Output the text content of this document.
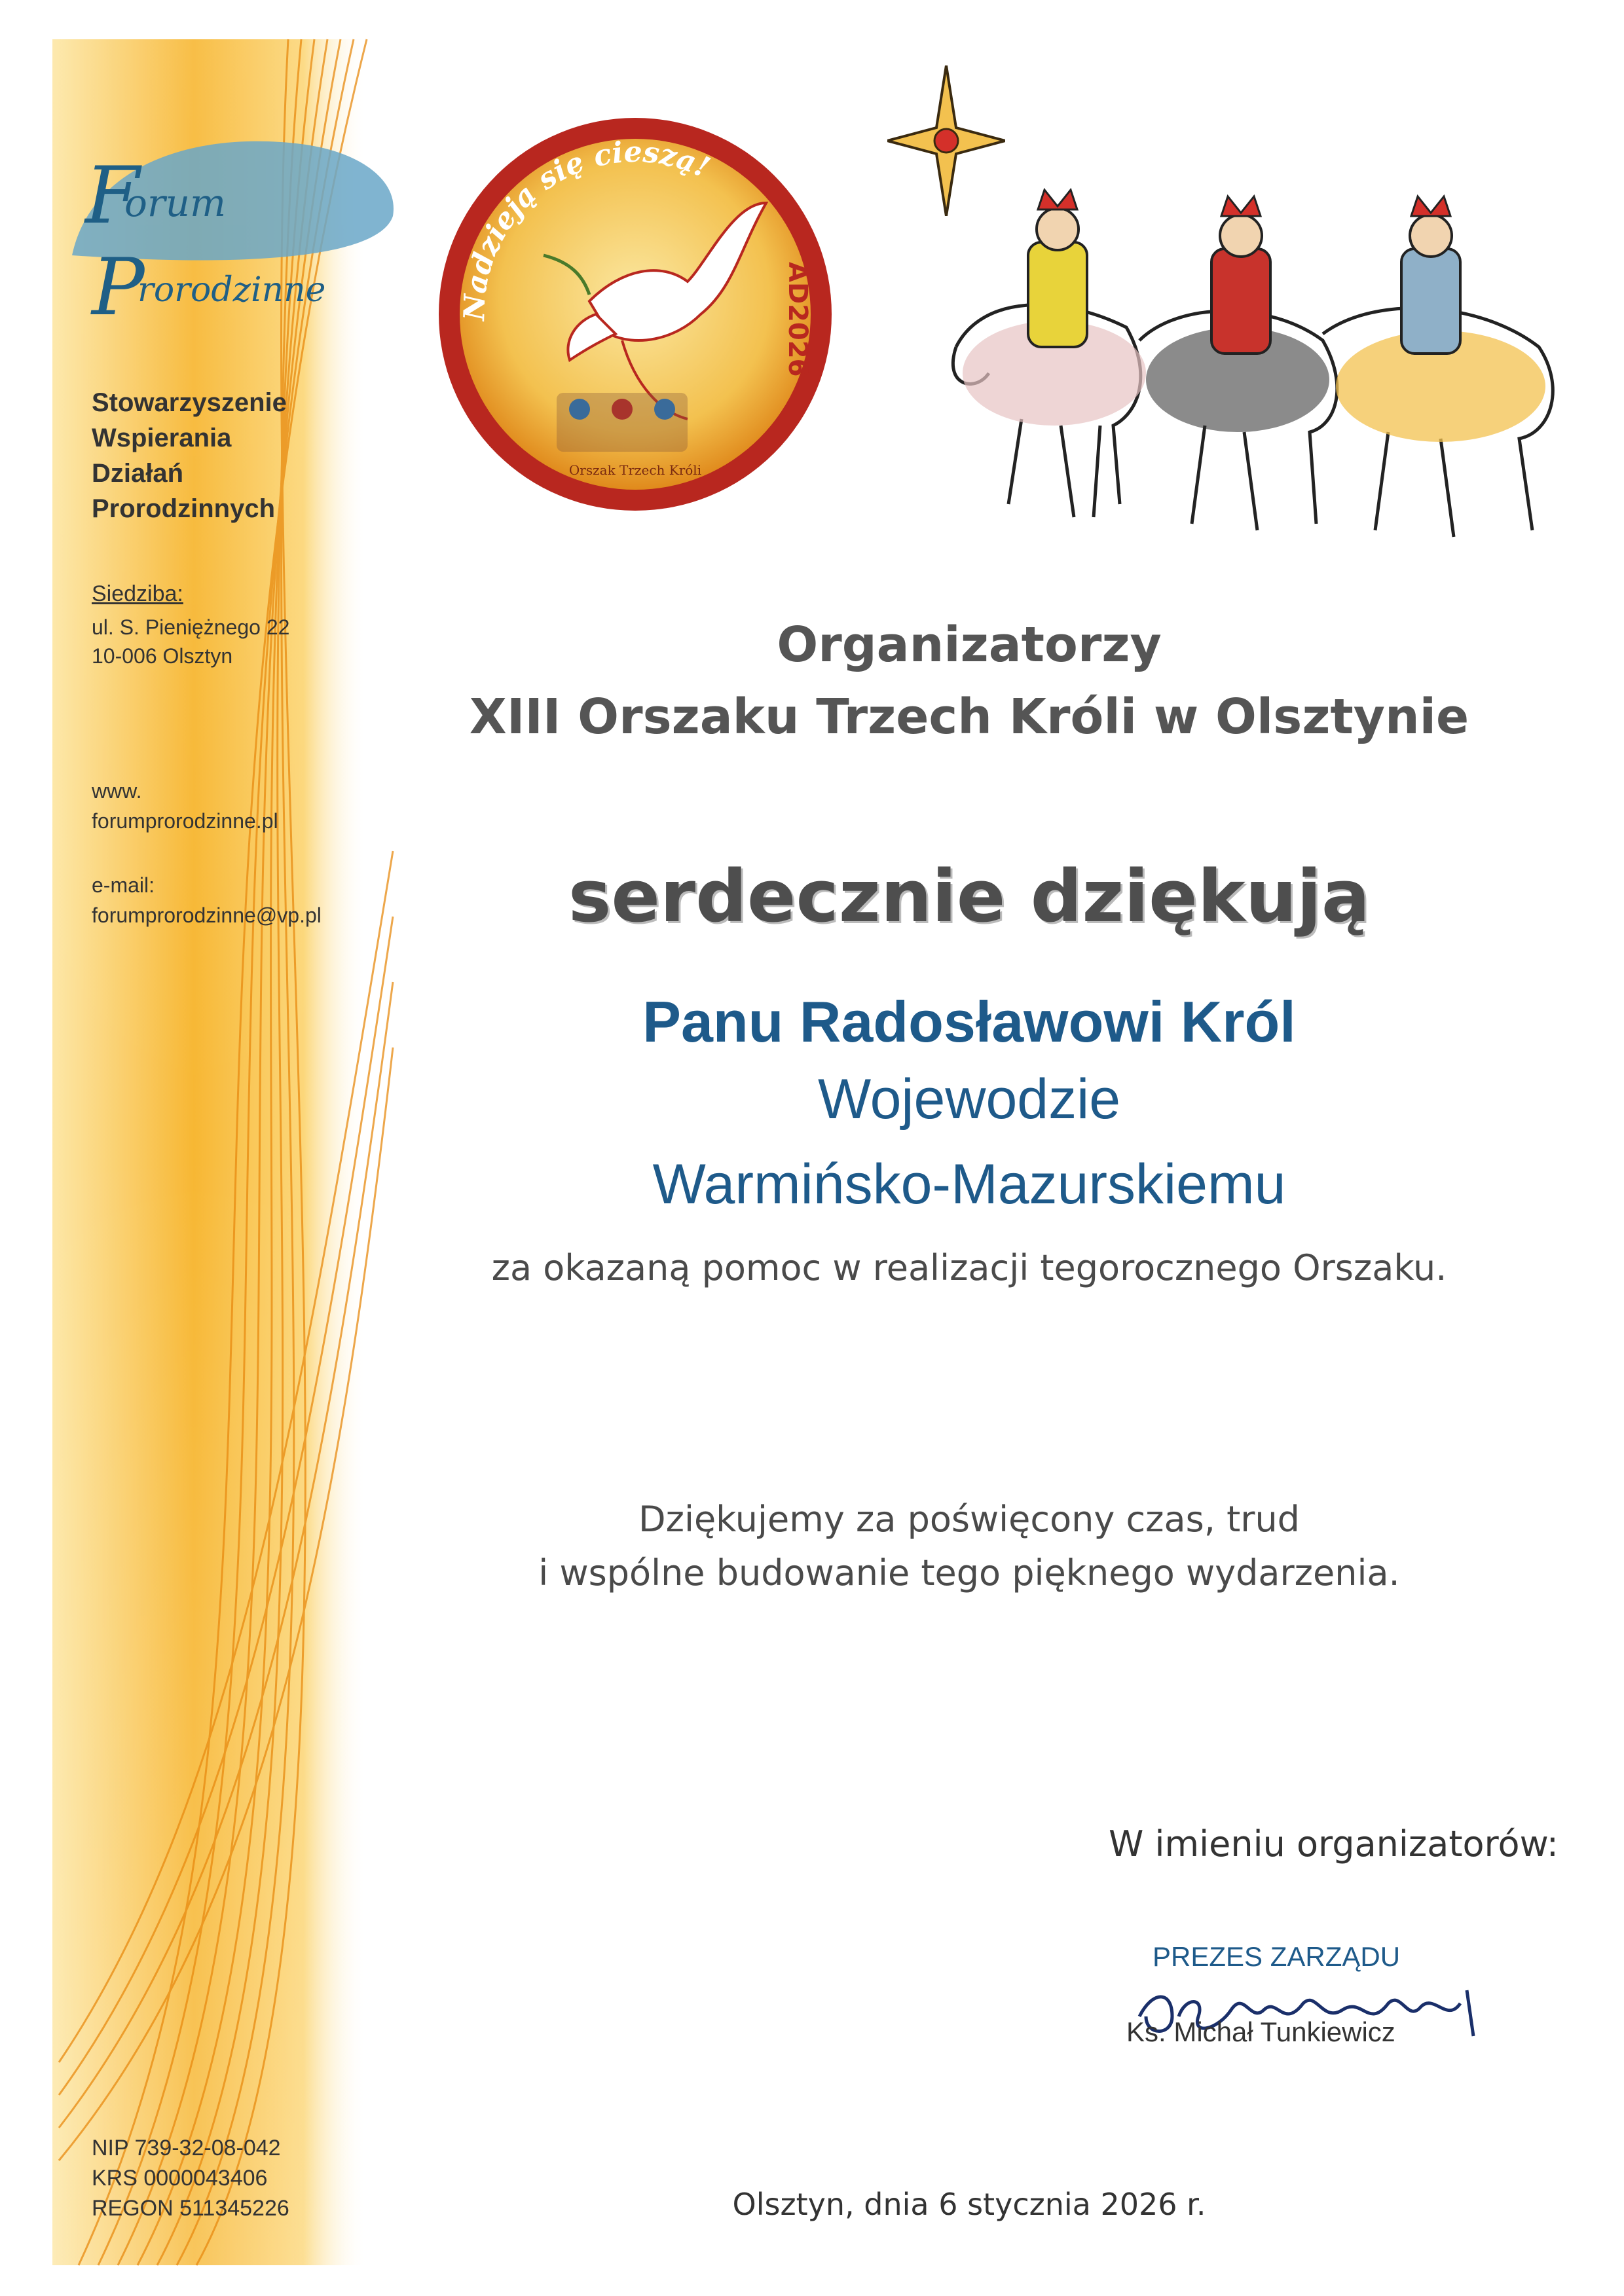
F
orum
P
rorodzinne
Stowarzyszenie
Wspierania
Działań
Prorodzinnych
Siedziba:
ul. S. Pieniężnego 22
10-006 Olsztyn
www.
forumprorodzinne.pl
e-mail:
forumprorodzinne@vp.pl
Nadzieją się cieszą!
AD2026
Orszak Trzech Króli
Organizatorzy
XIII Orszaku Trzech Króli w Olsztynie
serdecznie dziękują
Panu Radosławowi Król
Wojewodzie
Warmińsko-Mazurskiemu
za okazaną pomoc w realizacji tegorocznego Orszaku.
Dziękujemy za poświęcony czas, trud
i wspólne budowanie tego pięknego wydarzenia.
W imieniu organizatorów:
PREZES ZARZĄDU
Ks. Michał Tunkiewicz
NIP 739-32-08-042
KRS 0000043406
REGON 511345226	Olsztyn, dnia 6 stycznia 2026 r.
